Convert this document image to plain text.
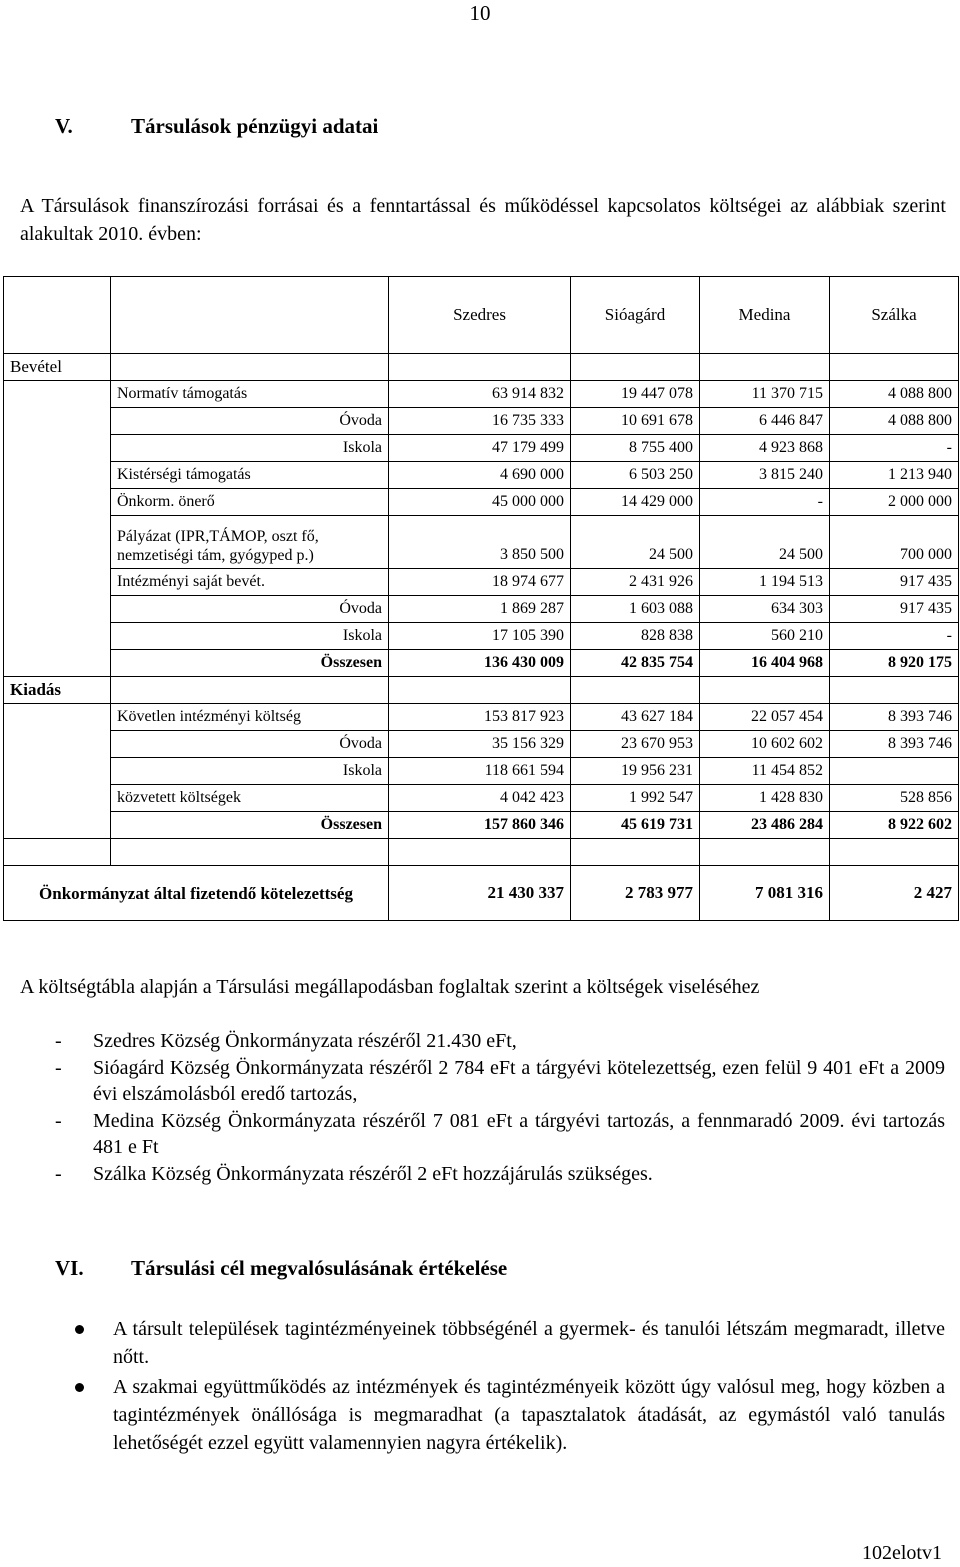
10
V.	Társulások pénzügyi adatai
A Társulások finanszírozási forrásai és a fenntartással és működéssel kapcsolatos költségei az alábbiak szerint alakultak 2010. évben:
		Szedres	Sióagárd	Medina	Szálka
Bevétel					
	Normatív támogatás	63 914 832	19 447 078	11 370 715	4 088 800
	Óvoda	16 735 333	10 691 678	6 446 847	4 088 800
	Iskola	47 179 499	8 755 400	4 923 868	-
	Kistérségi támogatás	4 690 000	6 503 250	3 815 240	1 213 940
	Önkorm. önerő	45 000 000	14 429 000	-	2 000 000
	Pályázat (IPR,TÁMOP, oszt fő, nemzetiségi tám, gyógyped p.)	3 850 500	24 500	24 500	700 000
	Intézményi saját bevét.	18 974 677	2 431 926	1 194 513	917 435
	Óvoda	1 869 287	1 603 088	634 303	917 435
	Iskola	17 105 390	828 838	560 210	-
	Összesen	136 430 009	42 835 754	16 404 968	8 920 175
Kiadás					
	Követlen intézményi költség	153 817 923	43 627 184	22 057 454	8 393 746
	Óvoda	35 156 329	23 670 953	10 602 602	8 393 746
	Iskola	118 661 594	19 956 231	11 454 852	
	közvetett költségek	4 042 423	1 992 547	1 428 830	528 856
	Összesen	157 860 346	45 619 731	23 486 284	8 922 602

Önkormányzat által fizetendő kötelezettség		21 430 337	2 783 977	7 081 316	2 427
A költségtábla alapján a Társulási megállapodásban foglaltak szerint a költségek viseléséhez
- Szedres Község Önkormányzata részéről 21.430 eFt,
- Sióagárd Község Önkormányzata részéről 2 784 eFt a tárgyévi kötelezettség, ezen felül 9 401 eFt a 2009 évi elszámolásból eredő tartozás,
- Medina Község Önkormányzata részéről 7 081 eFt a tárgyévi tartozás, a fennmaradó 2009. évi tartozás 481 e Ft
- Szálka Község Önkormányzata részéről 2 eFt hozzájárulás szükséges.
VI. Társulási cél megvalósulásának értékelése
A társult települések tagintézményeinek többségénél a gyermek- és tanulói létszám megmaradt, illetve nőtt.
A szakmai együttműködés az intézmények és tagintézményeik között úgy valósul meg, hogy közben a tagintézmények önállósága is megmaradhat (a tapasztalatok átadását, az egymástól való tanulás lehetőségét ezzel együtt valamennyien nagyra értékelik).
102elotv1
